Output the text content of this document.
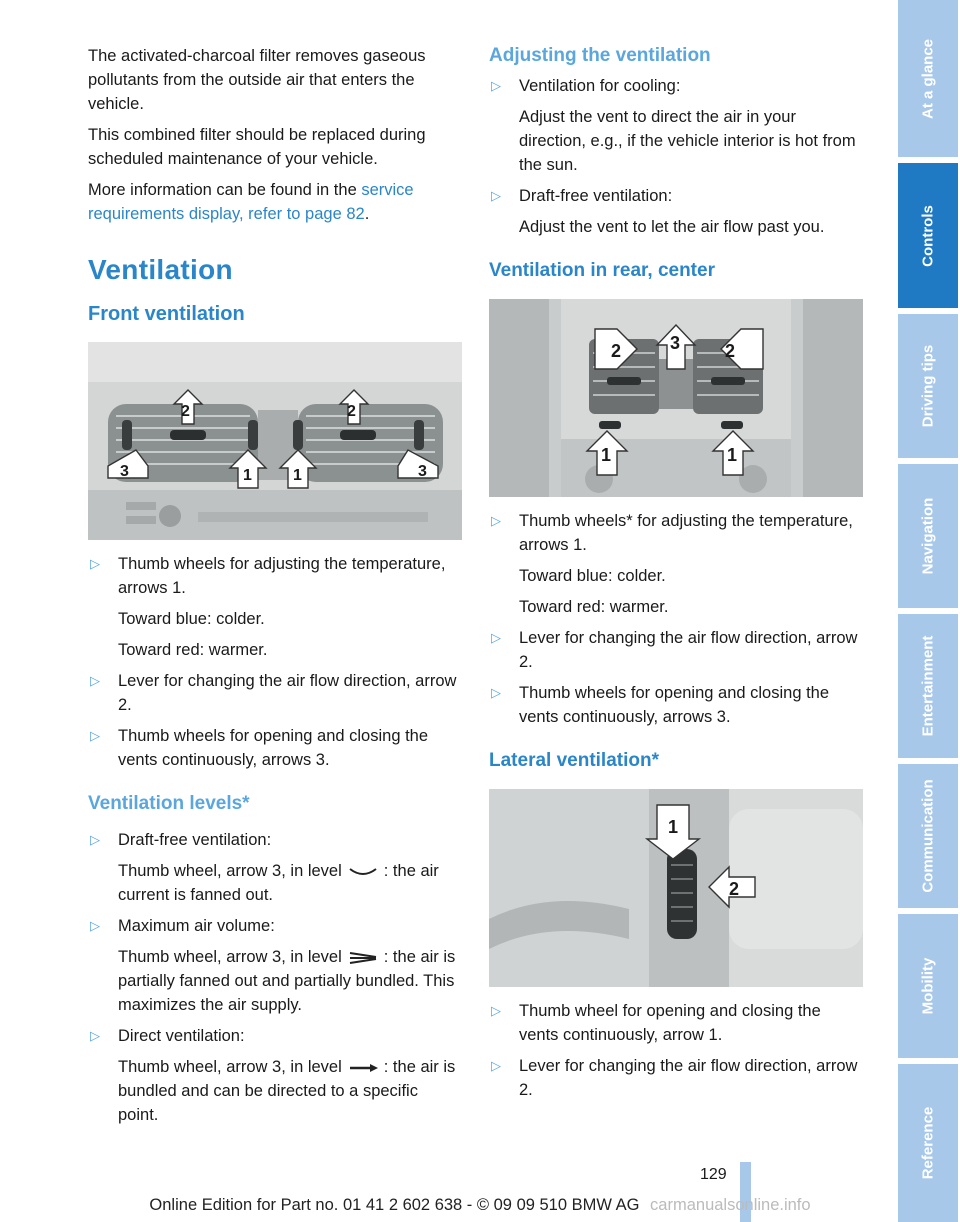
The activated-charcoal filter removes gaseous pollutants from the outside air that enters the vehicle.

This combined filter should be replaced during scheduled maintenance of your vehicle.

More information can be found in the service requirements display, refer to page 82.

Ventilation
Front ventilation
2	2
3	1	1	3
▷ Thumb wheels for adjusting the temperature, arrows 1.
Toward blue: colder.
Toward red: warmer.
▷ Lever for changing the air flow direction, arrow 2.
▷ Thumb wheels for opening and closing the vents continuously, arrows 3.
Ventilation levels*
▷ Draft-free ventilation:
Thumb wheel, arrow 3, in level	: the air current is fanned out.
▷ Maximum air volume:
Thumb wheel, arrow 3, in level	: the air is partially fanned out and partially bundled. This maximizes the air supply.
▷ Direct ventilation:
Thumb wheel, arrow 3, in level	: the air is bundled and can be directed to a specific point.
Adjusting the ventilation
▷ Ventilation for cooling:
Adjust the vent to direct the air in your direction, e.g., if the vehicle interior is hot from the sun.
▷ Draft-free ventilation:
Adjust the vent to let the air flow past you.
Ventilation in rear, center
2	3 2
1	1
▷ Thumb wheels* for adjusting the temperature, arrows 1.
Toward blue: colder.
Toward red: warmer.
▷ Lever for changing the air flow direction, arrow 2.
▷ Thumb wheels for opening and closing the vents continuously, arrows 3.
Lateral ventilation*
1
2
▷ Thumb wheel for opening and closing the vents continuously, arrow 1.
▷ Lever for changing the air flow direction, arrow 2.
At a glance
Controls
Driving tips
Navigation
Entertainment
Communication
Mobility
Reference
129
Online Edition for Part no. 01 41 2 602 638 - © 09 09 510 BMW AG carmanualsonline.info
